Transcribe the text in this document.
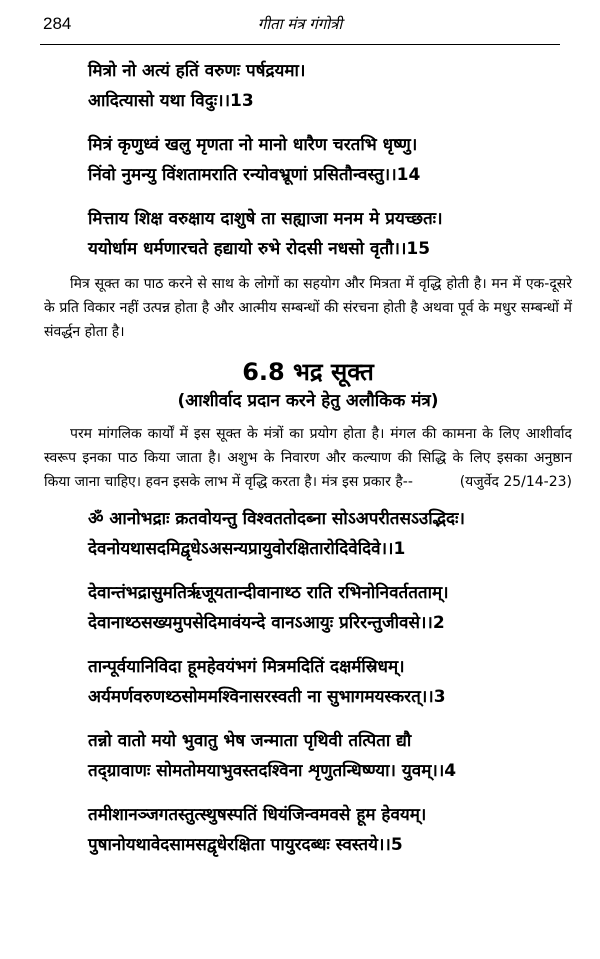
284	गीता मंत्र गंगोत्री
मित्रो नो अत्यं हतिं वरुणः पर्षद्रयमा।
आदित्यासो यथा विदुः।।13
मित्रं कृणुध्वं खलु मृणता नो मानो धारैण चरतभि धृष्णु।
निंवो नुमन्यु विंशतामराति रन्योवभ्रूणां प्रसितौन्वस्तु।।14
मित्ताय शिक्ष वरुक्षाय दाशुषे ता सह्याजा मनम मे प्रयच्छतः।
ययोर्धाम धर्मणारचते हद्यायो रुभे रोदसी नधसो वृतौ।।15

मित्र सूक्त का पाठ करने से साथ के लोगों का सहयोग और मित्रता में वृद्धि होती है। मन में एक-दूसरे के प्रति विकार नहीं उत्पन्न होता है और आत्मीय सम्बन्धों की संरचना होती है अथवा पूर्व के मधुर सम्बन्धों में संवर्द्धन होता है।

6.8 भद्र सूक्त
(आशीर्वाद प्रदान करने हेतु अलौकिक मंत्र)

परम मांगलिक कार्यों में इस सूक्त के मंत्रों का प्रयोग होता है। मंगल की कामना के लिए आशीर्वाद स्वरूप इनका पाठ किया जाता है। अशुभ के निवारण और कल्याण की सिद्धि के लिए इसका अनुष्ठान किया जाना चाहिए। हवन इसके लाभ में वृद्धि करता है। मंत्र इस प्रकार है--	(यजुर्वेद 25/14-23)

ॐ आनोभद्राः क्रतवोयन्तु विश्वततोदब्ना सोऽअपरीतसऽउद्भिदः।
देवनोयथासदमिद्वृधेऽअसन्यप्रायुवोरक्षितारोदिवेदिवे।।1
देवान्तंभद्रासुमतिर्ऋजूयतान्दीवानाथ्ठ राति रभिनोनिवर्ततताम्।
देवानाथ्ठसख्यमुपसेदिमावंयन्दे वानऽआयुः प्ररिरन्तुजीवसे।।2
तान्पूर्वयानिविदा हूमहेवयंभगं मित्रमदितिं दक्षर्मस्रिधम्।
अर्यमर्णवरुणथ्ठसोममश्विनासरस्वती ना सुभागमयस्करत्।।3
तन्नो वातो मयो भुवातु भेष जन्माता पृथिवी तत्पिता द्यौ
तद्ग्रावाणः सोमतोमयाभुवस्तदश्विना शृणुतन्धिष्ण्या। युवम्।।4
तमीशानञ्जगतस्तुत्स्थुषस्पतिं धियंजिन्वमवसे हूम हेवयम्।
पुषानोयथावेदसामसद्वृधेरक्षिता पायुरदब्धः स्वस्तये।।5
